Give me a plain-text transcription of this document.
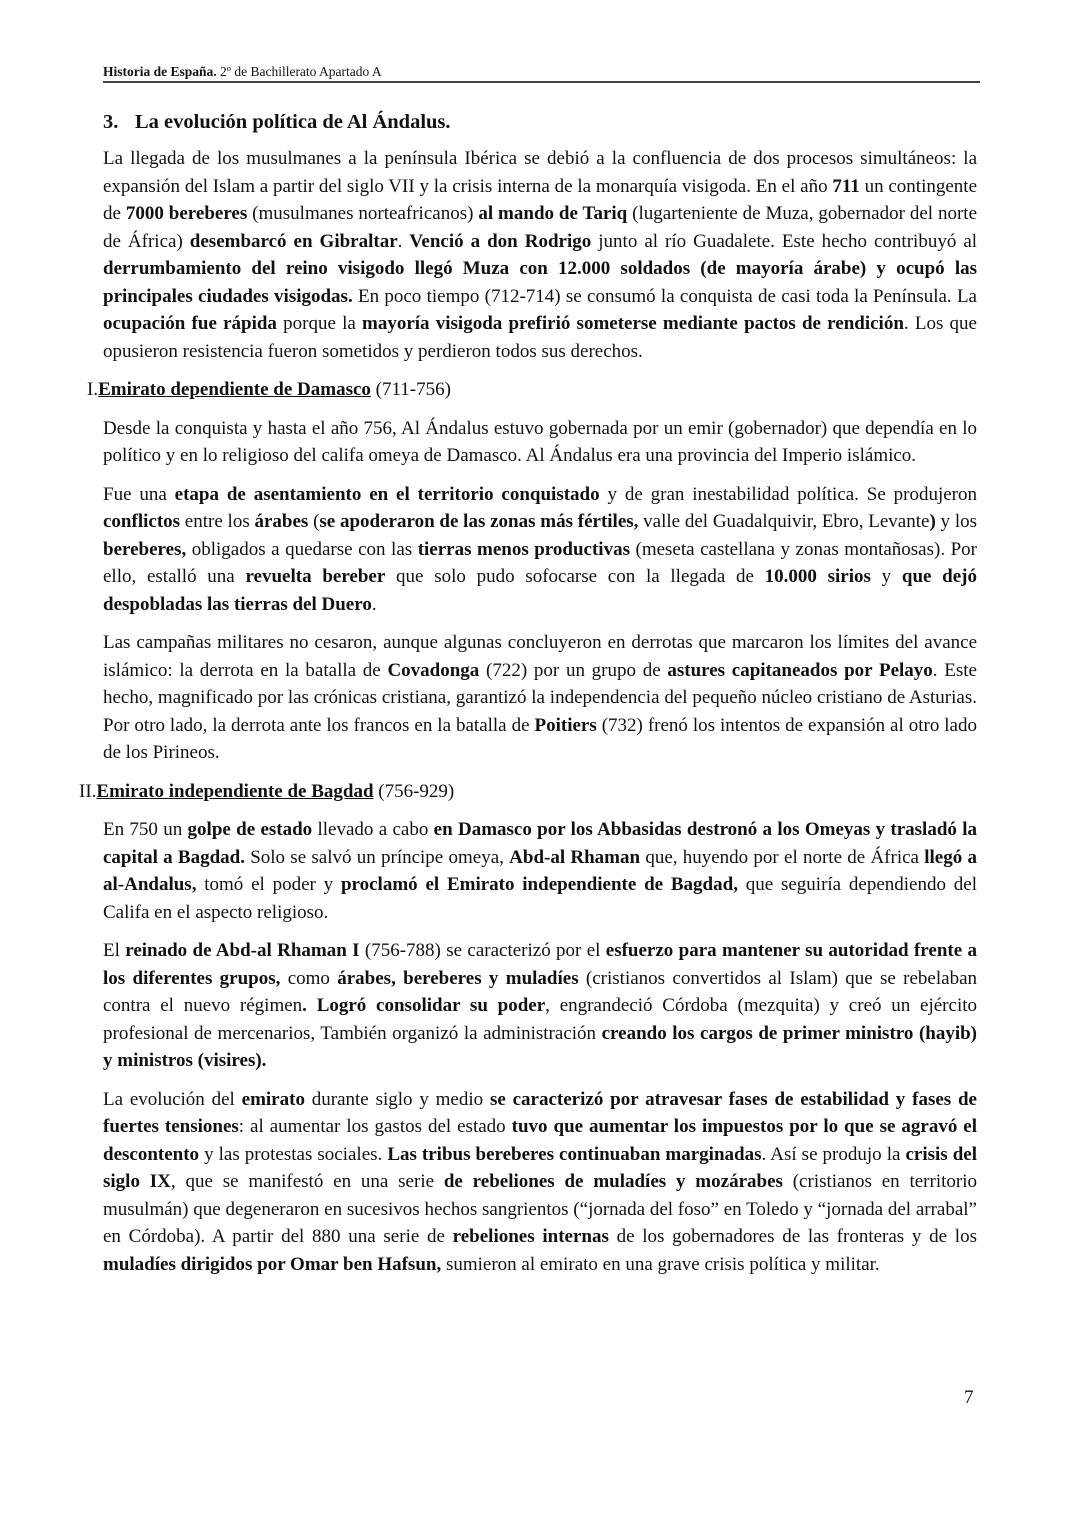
Historia de España. 2º de Bachillerato Apartado A
3. La evolución política de Al Ándalus.
La llegada de los musulmanes a la península Ibérica se debió a la confluencia de dos procesos simultáneos: la expansión del Islam a partir del siglo VII y la crisis interna de la monarquía visigoda. En el año 711 un contingente de 7000 bereberes (musulmanes norteafricanos) al mando de Tariq (lugarteniente de Muza, gobernador del norte de África) desembarcó en Gibraltar. Venció a don Rodrigo junto al río Guadalete. Este hecho contribuyó al derrumbamiento del reino visigodo llegó Muza con 12.000 soldados (de mayoría árabe) y ocupó las principales ciudades visigodas. En poco tiempo (712-714) se consumó la conquista de casi toda la Península. La ocupación fue rápida porque la mayoría visigoda prefirió someterse mediante pactos de rendición. Los que opusieron resistencia fueron sometidos y perdieron todos sus derechos.
I.Emirato dependiente de Damasco (711-756)
Desde la conquista y hasta el año 756, Al Ándalus estuvo gobernada por un emir (gobernador) que dependía en lo político y en lo religioso del califa omeya de Damasco. Al Ándalus era una provincia del Imperio islámico.
Fue una etapa de asentamiento en el territorio conquistado y de gran inestabilidad política. Se produjeron conflictos entre los árabes (se apoderaron de las zonas más fértiles, valle del Guadalquivir, Ebro, Levante) y los bereberes, obligados a quedarse con las tierras menos productivas (meseta castellana y zonas montañosas). Por ello, estalló una revuelta bereber que solo pudo sofocarse con la llegada de 10.000 sirios y que dejó despobladas las tierras del Duero.
Las campañas militares no cesaron, aunque algunas concluyeron en derrotas que marcaron los límites del avance islámico: la derrota en la batalla de Covadonga (722) por un grupo de astures capitaneados por Pelayo. Este hecho, magnificado por las crónicas cristiana, garantizó la independencia del pequeño núcleo cristiano de Asturias. Por otro lado, la derrota ante los francos en la batalla de Poitiers (732) frenó los intentos de expansión al otro lado de los Pirineos.
II.Emirato independiente de Bagdad (756-929)
En 750 un golpe de estado llevado a cabo en Damasco por los Abbasidas destronó a los Omeyas y trasladó la capital a Bagdad. Solo se salvó un príncipe omeya, Abd-al Rhaman que, huyendo por el norte de África llegó a al-Andalus, tomó el poder y proclamó el Emirato independiente de Bagdad, que seguiría dependiendo del Califa en el aspecto religioso.
El reinado de Abd-al Rhaman I (756-788) se caracterizó por el esfuerzo para mantener su autoridad frente a los diferentes grupos, como árabes, bereberes y muladíes (cristianos convertidos al Islam) que se rebelaban contra el nuevo régimen. Logró consolidar su poder, engrandeció Córdoba (mezquita) y creó un ejército profesional de mercenarios, También organizó la administración creando los cargos de primer ministro (hayib) y ministros (visires).
La evolución del emirato durante siglo y medio se caracterizó por atravesar fases de estabilidad y fases de fuertes tensiones: al aumentar los gastos del estado tuvo que aumentar los impuestos por lo que se agravó el descontento y las protestas sociales. Las tribus bereberes continuaban marginadas. Así se produjo la crisis del siglo IX, que se manifestó en una serie de rebeliones de muladíes y mozárabes (cristianos en territorio musulmán) que degeneraron en sucesivos hechos sangrientos (“jornada del foso” en Toledo y “jornada del arrabal” en Córdoba). A partir del 880 una serie de rebeliones internas de los gobernadores de las fronteras y de los muladíes dirigidos por Omar ben Hafsun, sumieron al emirato en una grave crisis política y militar.
7
